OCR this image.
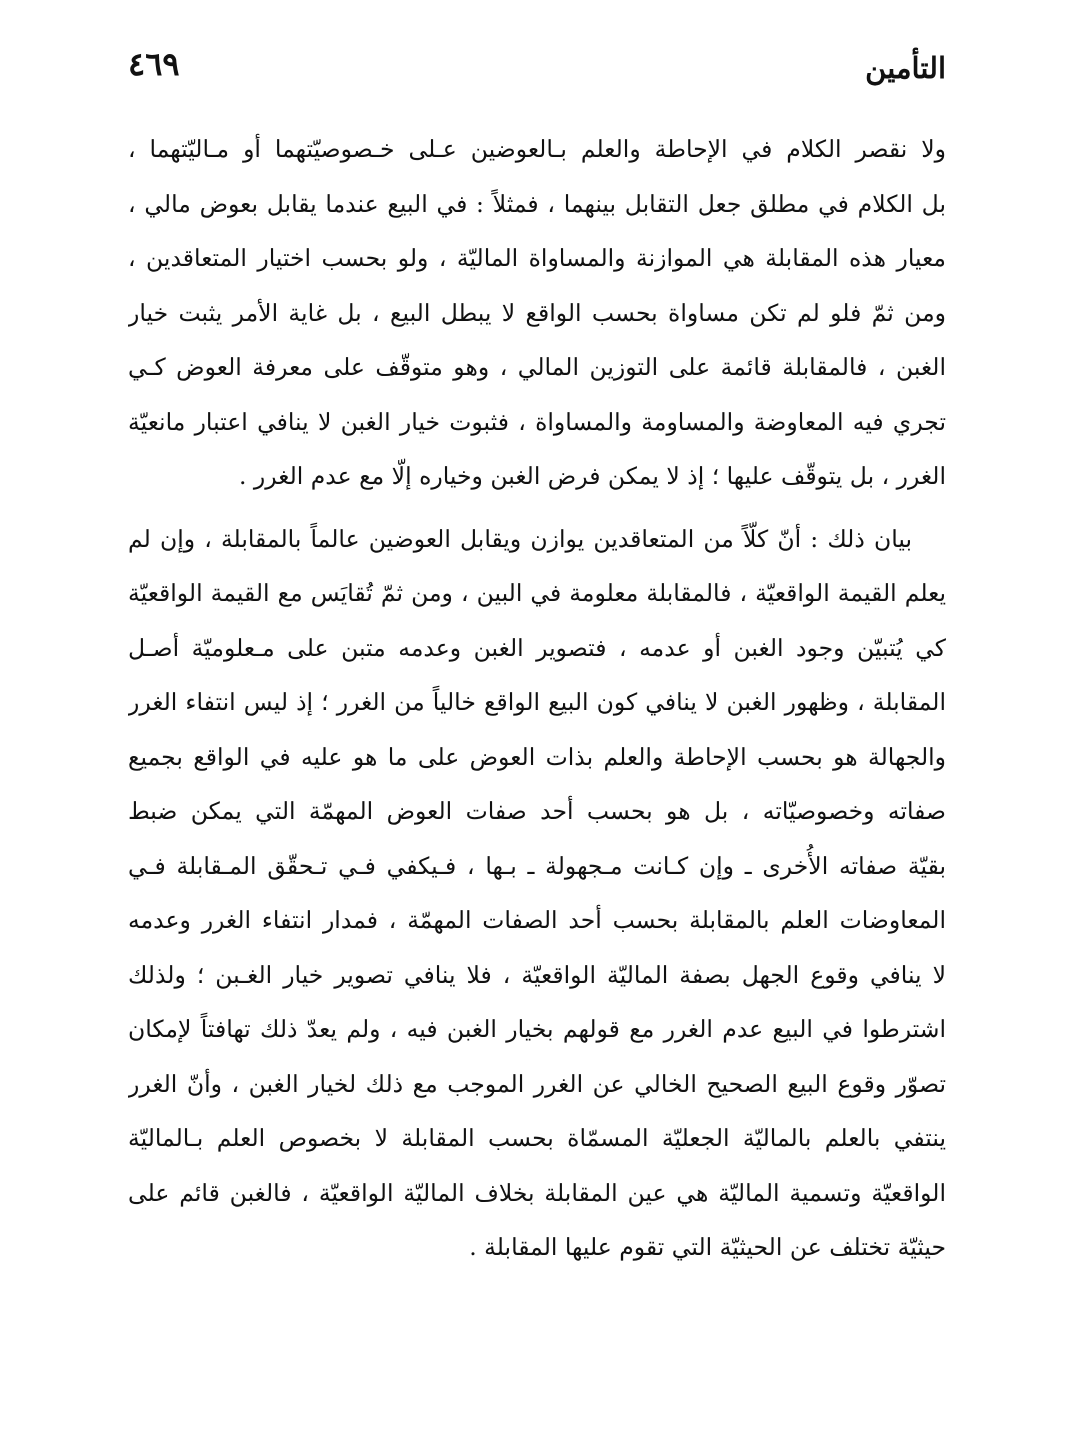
التأمين
٤٦٩
ولا نقصر الكلام في الإحاطة والعلم بـالعوضين عـلى خـصوصيّتهما أو مـاليّتهما ،
بل الكلام في مطلق جعل التقابل بينهما ، فمثلاً : في البيع عندما يقابل بعوض مالي ،
معيار هذه المقابلة هي الموازنة والمساواة الماليّة ، ولو بحسب اختيار المتعاقدين ،
ومن ثمّ فلو لم تكن مساواة بحسب الواقع لا يبطل البيع ، بل غاية الأمر يثبت خيار
الغبن ، فالمقابلة قائمة على التوزين المالي ، وهو متوقّف على معرفة العوض كـي
تجري فيه المعاوضة والمساومة والمساواة ، فثبوت خيار الغبن لا ينافي اعتبار مانعيّة
الغرر ، بل يتوقّف عليها ؛ إذ لا يمكن فرض الغبن وخياره إلّا مع عدم الغرر .
بيان ذلك : أنّ كلّاً من المتعاقدين يوازن ويقابل العوضين عالماً بالمقابلة ، وإن لم
يعلم القيمة الواقعيّة ، فالمقابلة معلومة في البين ، ومن ثمّ تُقايَس مع القيمة الواقعيّة
كي يُتبيّن وجود الغبن أو عدمه ، فتصوير الغبن وعدمه متبن على مـعلوميّة أصـل
المقابلة ، وظهور الغبن لا ينافي كون البيع الواقع خالياً من الغرر ؛ إذ ليس انتفاء الغرر
والجهالة هو بحسب الإحاطة والعلم بذات العوض على ما هو عليه في الواقع بجميع
صفاته وخصوصيّاته ، بل هو بحسب أحد صفات العوض المهمّة التي يمكن ضبط
بقيّة صفاته الأُخرى ـ وإن كـانت مـجهولة ـ بـها ، فـيكفي فـي تـحقّق المـقابلة فـي
المعاوضات العلم بالمقابلة بحسب أحد الصفات المهمّة ، فمدار انتفاء الغرر وعدمه
لا ينافي وقوع الجهل بصفة الماليّة الواقعيّة ، فلا ينافي تصوير خيار الغـبن ؛ ولذلك
اشترطوا في البيع عدم الغرر مع قولهم بخيار الغبن فيه ، ولم يعدّ ذلك تهافتاً لإمكان
تصوّر وقوع البيع الصحيح الخالي عن الغرر الموجب مع ذلك لخيار الغبن ، وأنّ الغرر
ينتفي بالعلم بالماليّة الجعليّة المسمّاة بحسب المقابلة لا بخصوص العلم بـالماليّة
الواقعيّة وتسمية الماليّة هي عين المقابلة بخلاف الماليّة الواقعيّة ، فالغبن قائم على
حيثيّة تختلف عن الحيثيّة التي تقوم عليها المقابلة .
